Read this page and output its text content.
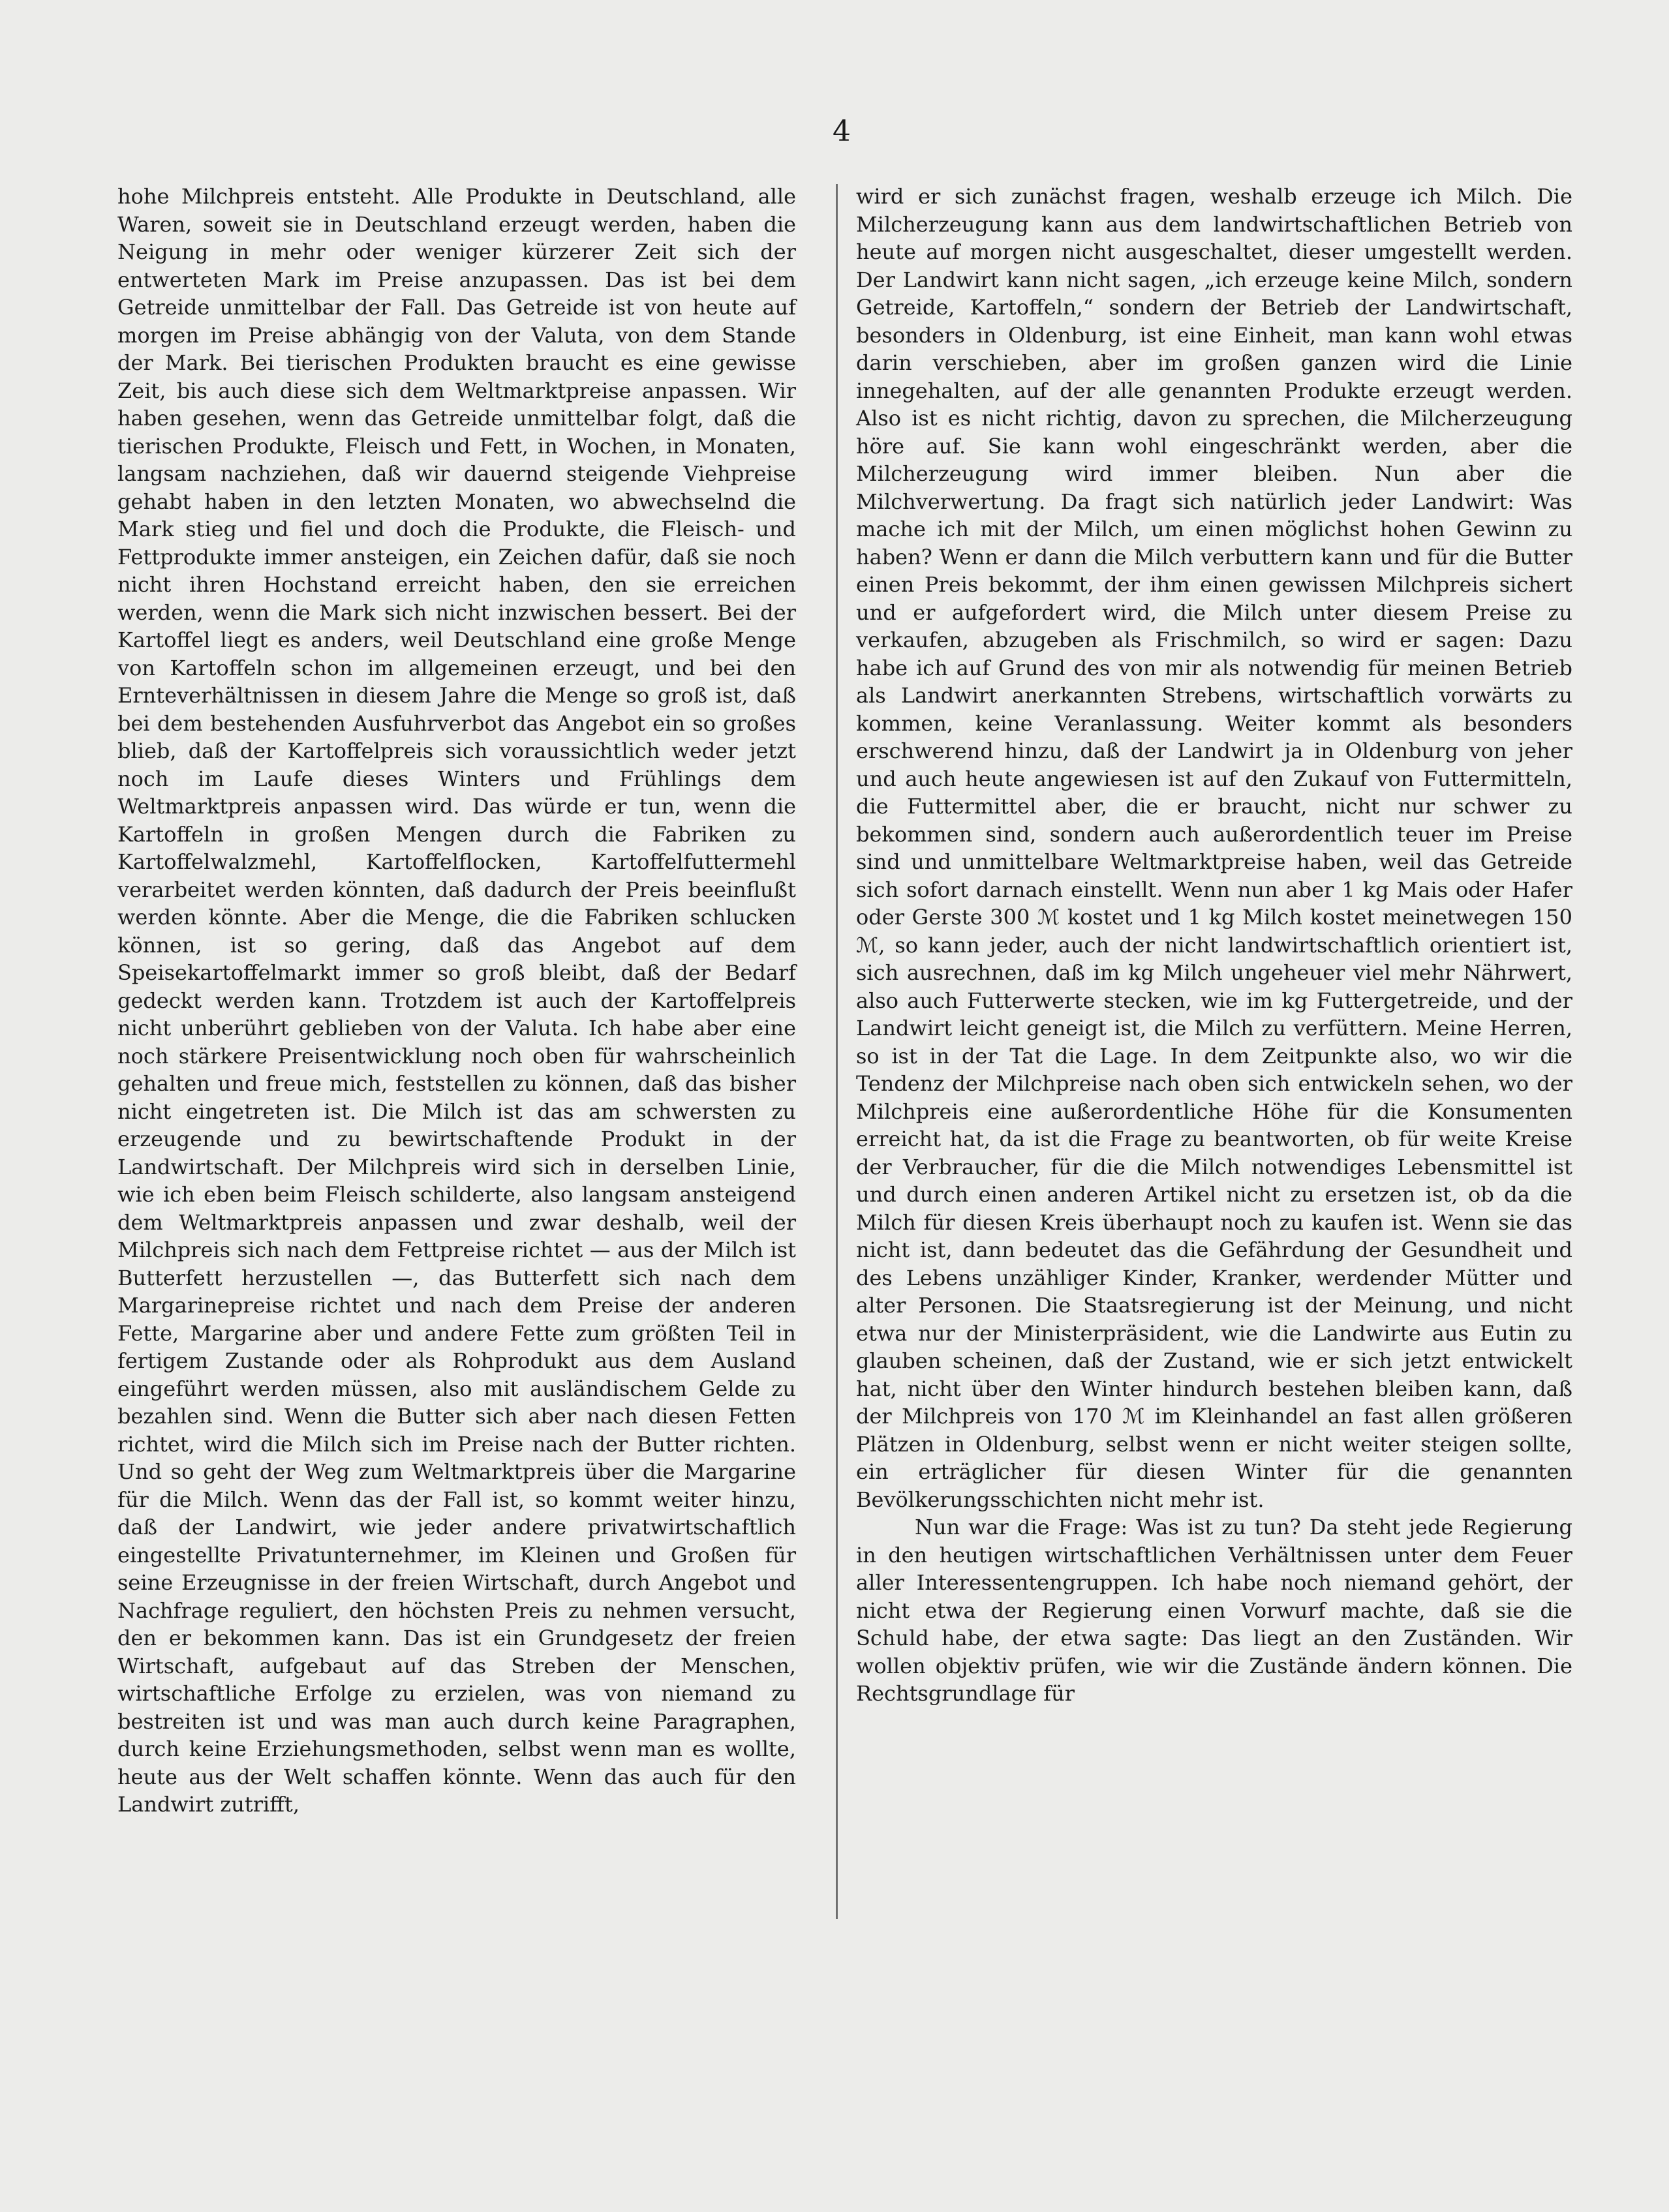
4

hohe Milchpreis entsteht. Alle Produkte in Deutschland, alle Waren, soweit sie in Deutschland erzeugt werden, haben die Neigung in mehr oder weniger kürzerer Zeit sich der entwerteten Mark im Preise anzupassen. Das ist bei dem Getreide unmittelbar der Fall. Das Getreide ist von heute auf morgen im Preise abhängig von der Valuta, von dem Stande der Mark. Bei tierischen Produkten braucht es eine gewisse Zeit, bis auch diese sich dem Weltmarktpreise anpassen. Wir haben gesehen, wenn das Getreide unmittelbar folgt, daß die tierischen Produkte, Fleisch und Fett, in Wochen, in Monaten, langsam nachziehen, daß wir dauernd steigende Viehpreise gehabt haben in den letzten Monaten, wo abwechselnd die Mark stieg und fiel und doch die Produkte, die Fleisch- und Fettprodukte immer ansteigen, ein Zeichen dafür, daß sie noch nicht ihren Hochstand erreicht haben, den sie erreichen werden, wenn die Mark sich nicht inzwischen bessert. Bei der Kartoffel liegt es anders, weil Deutschland eine große Menge von Kartoffeln schon im allgemeinen erzeugt, und bei den Ernteverhältnissen in diesem Jahre die Menge so groß ist, daß bei dem bestehenden Ausfuhrverbot das Angebot ein so großes blieb, daß der Kartoffelpreis sich voraussichtlich weder jetzt noch im Laufe dieses Winters und Frühlings dem Weltmarktpreis anpassen wird. Das würde er tun, wenn die Kartoffeln in großen Mengen durch die Fabriken zu Kartoffelwalzmehl, Kartoffelflocken, Kartoffelfuttermehl verarbeitet werden könnten, daß dadurch der Preis beeinflußt werden könnte. Aber die Menge, die die Fabriken schlucken können, ist so gering, daß das Angebot auf dem Speisekartoffelmarkt immer so groß bleibt, daß der Bedarf gedeckt werden kann. Trotzdem ist auch der Kartoffelpreis nicht unberührt geblieben von der Valuta. Ich habe aber eine noch stärkere Preisentwicklung noch oben für wahrscheinlich gehalten und freue mich, feststellen zu können, daß das bisher nicht eingetreten ist. Die Milch ist das am schwersten zu erzeugende und zu bewirtschaftende Produkt in der Landwirtschaft. Der Milchpreis wird sich in derselben Linie, wie ich eben beim Fleisch schilderte, also langsam ansteigend dem Weltmarktpreis anpassen und zwar deshalb, weil der Milchpreis sich nach dem Fettpreise richtet — aus der Milch ist Butterfett herzustellen —, das Butterfett sich nach dem Margarinepreise richtet und nach dem Preise der anderen Fette, Margarine aber und andere Fette zum größten Teil in fertigem Zustande oder als Rohprodukt aus dem Ausland eingeführt werden müssen, also mit ausländischem Gelde zu bezahlen sind. Wenn die Butter sich aber nach diesen Fetten richtet, wird die Milch sich im Preise nach der Butter richten. Und so geht der Weg zum Weltmarktpreis über die Margarine für die Milch. Wenn das der Fall ist, so kommt weiter hinzu, daß der Landwirt, wie jeder andere privatwirtschaftlich eingestellte Privatunternehmer, im Kleinen und Großen für seine Erzeugnisse in der freien Wirtschaft, durch Angebot und Nachfrage reguliert, den höchsten Preis zu nehmen versucht, den er bekommen kann. Das ist ein Grundgesetz der freien Wirtschaft, aufgebaut auf das Streben der Menschen, wirtschaftliche Erfolge zu erzielen, was von niemand zu bestreiten ist und was man auch durch keine Paragraphen, durch keine Erziehungsmethoden, selbst wenn man es wollte, heute aus der Welt schaffen könnte. Wenn das auch für den Landwirt zutrifft,

wird er sich zunächst fragen, weshalb erzeuge ich Milch. Die Milcherzeugung kann aus dem landwirtschaftlichen Betrieb von heute auf morgen nicht ausgeschaltet, dieser umgestellt werden. Der Landwirt kann nicht sagen, „ich erzeuge keine Milch, sondern Getreide, Kartoffeln,“ sondern der Betrieb der Landwirtschaft, besonders in Oldenburg, ist eine Einheit, man kann wohl etwas darin verschieben, aber im großen ganzen wird die Linie innegehalten, auf der alle genannten Produkte erzeugt werden. Also ist es nicht richtig, davon zu sprechen, die Milcherzeugung höre auf. Sie kann wohl eingeschränkt werden, aber die Milcherzeugung wird immer bleiben. Nun aber die Milchverwertung. Da fragt sich natürlich jeder Landwirt: Was mache ich mit der Milch, um einen möglichst hohen Gewinn zu haben? Wenn er dann die Milch verbuttern kann und für die Butter einen Preis bekommt, der ihm einen gewissen Milchpreis sichert und er aufgefordert wird, die Milch unter diesem Preise zu verkaufen, abzugeben als Frischmilch, so wird er sagen: Dazu habe ich auf Grund des von mir als notwendig für meinen Betrieb als Landwirt anerkannten Strebens, wirtschaftlich vorwärts zu kommen, keine Veranlassung. Weiter kommt als besonders erschwerend hinzu, daß der Landwirt ja in Oldenburg von jeher und auch heute angewiesen ist auf den Zukauf von Futtermitteln, die Futtermittel aber, die er braucht, nicht nur schwer zu bekommen sind, sondern auch außerordentlich teuer im Preise sind und unmittelbare Weltmarktpreise haben, weil das Getreide sich sofort darnach einstellt. Wenn nun aber 1 kg Mais oder Hafer oder Gerste 300 ℳ kostet und 1 kg Milch kostet meinetwegen 150 ℳ, so kann jeder, auch der nicht landwirtschaftlich orientiert ist, sich ausrechnen, daß im kg Milch ungeheuer viel mehr Nährwert, also auch Futterwerte stecken, wie im kg Futtergetreide, und der Landwirt leicht geneigt ist, die Milch zu verfüttern. Meine Herren, so ist in der Tat die Lage. In dem Zeitpunkte also, wo wir die Tendenz der Milchpreise nach oben sich entwickeln sehen, wo der Milchpreis eine außerordentliche Höhe für die Konsumenten erreicht hat, da ist die Frage zu beantworten, ob für weite Kreise der Verbraucher, für die die Milch notwendiges Lebensmittel ist und durch einen anderen Artikel nicht zu ersetzen ist, ob da die Milch für diesen Kreis überhaupt noch zu kaufen ist. Wenn sie das nicht ist, dann bedeutet das die Gefährdung der Gesundheit und des Lebens unzähliger Kinder, Kranker, werdender Mütter und alter Personen. Die Staatsregierung ist der Meinung, und nicht etwa nur der Ministerpräsident, wie die Landwirte aus Eutin zu glauben scheinen, daß der Zustand, wie er sich jetzt entwickelt hat, nicht über den Winter hindurch bestehen bleiben kann, daß der Milchpreis von 170 ℳ im Kleinhandel an fast allen größeren Plätzen in Oldenburg, selbst wenn er nicht weiter steigen sollte, ein erträglicher für diesen Winter für die genannten Bevölkerungsschichten nicht mehr ist.

Nun war die Frage: Was ist zu tun? Da steht jede Regierung in den heutigen wirtschaftlichen Verhältnissen unter dem Feuer aller Interessentengruppen. Ich habe noch niemand gehört, der nicht etwa der Regierung einen Vorwurf machte, daß sie die Schuld habe, der etwa sagte: Das liegt an den Zuständen. Wir wollen objektiv prüfen, wie wir die Zustände ändern können. Die Rechtsgrundlage für
